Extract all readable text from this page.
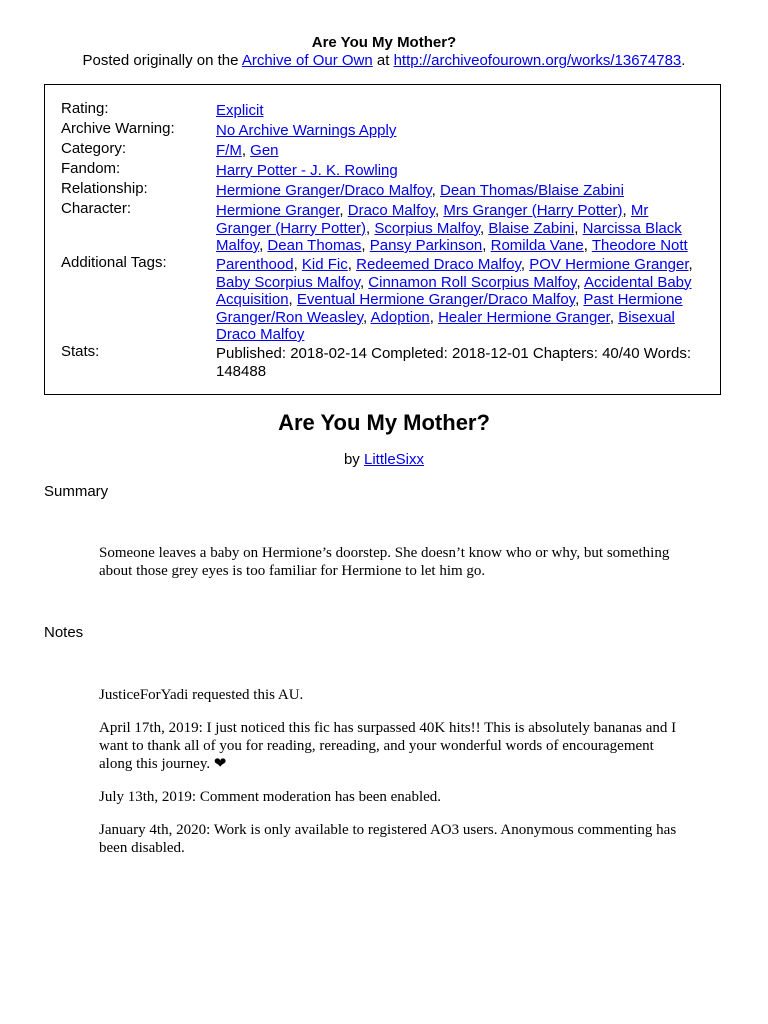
Are You My Mother?
Posted originally on the Archive of Our Own at http://archiveofourown.org/works/13674783.
Rating:	Explicit
Archive Warning:	No Archive Warnings Apply
Category:	F/M, Gen
Fandom:	Harry Potter - J. K. Rowling
Relationship:	Hermione Granger/Draco Malfoy, Dean Thomas/Blaise Zabini
Character:	Hermione Granger, Draco Malfoy, Mrs Granger (Harry Potter), Mr Granger (Harry Potter), Scorpius Malfoy, Blaise Zabini, Narcissa Black Malfoy, Dean Thomas, Pansy Parkinson, Romilda Vane, Theodore Nott
Additional Tags:	Parenthood, Kid Fic, Redeemed Draco Malfoy, POV Hermione Granger, Baby Scorpius Malfoy, Cinnamon Roll Scorpius Malfoy, Accidental Baby Acquisition, Eventual Hermione Granger/Draco Malfoy, Past Hermione Granger/Ron Weasley, Adoption, Healer Hermione Granger, Bisexual Draco Malfoy
Stats:	Published: 2018-02-14 Completed: 2018-12-01 Chapters: 40/40 Words: 148488
Are You My Mother?
by LittleSixx
Summary
Someone leaves a baby on Hermione’s doorstep. She doesn’t know who or why, but something about those grey eyes is too familiar for Hermione to let him go.
Notes
JusticeForYadi requested this AU.
April 17th, 2019: I just noticed this fic has surpassed 40K hits!! This is absolutely bananas and I want to thank all of you for reading, rereading, and your wonderful words of encouragement along this journey. ❤
July 13th, 2019: Comment moderation has been enabled.
January 4th, 2020: Work is only available to registered AO3 users. Anonymous commenting has been disabled.
